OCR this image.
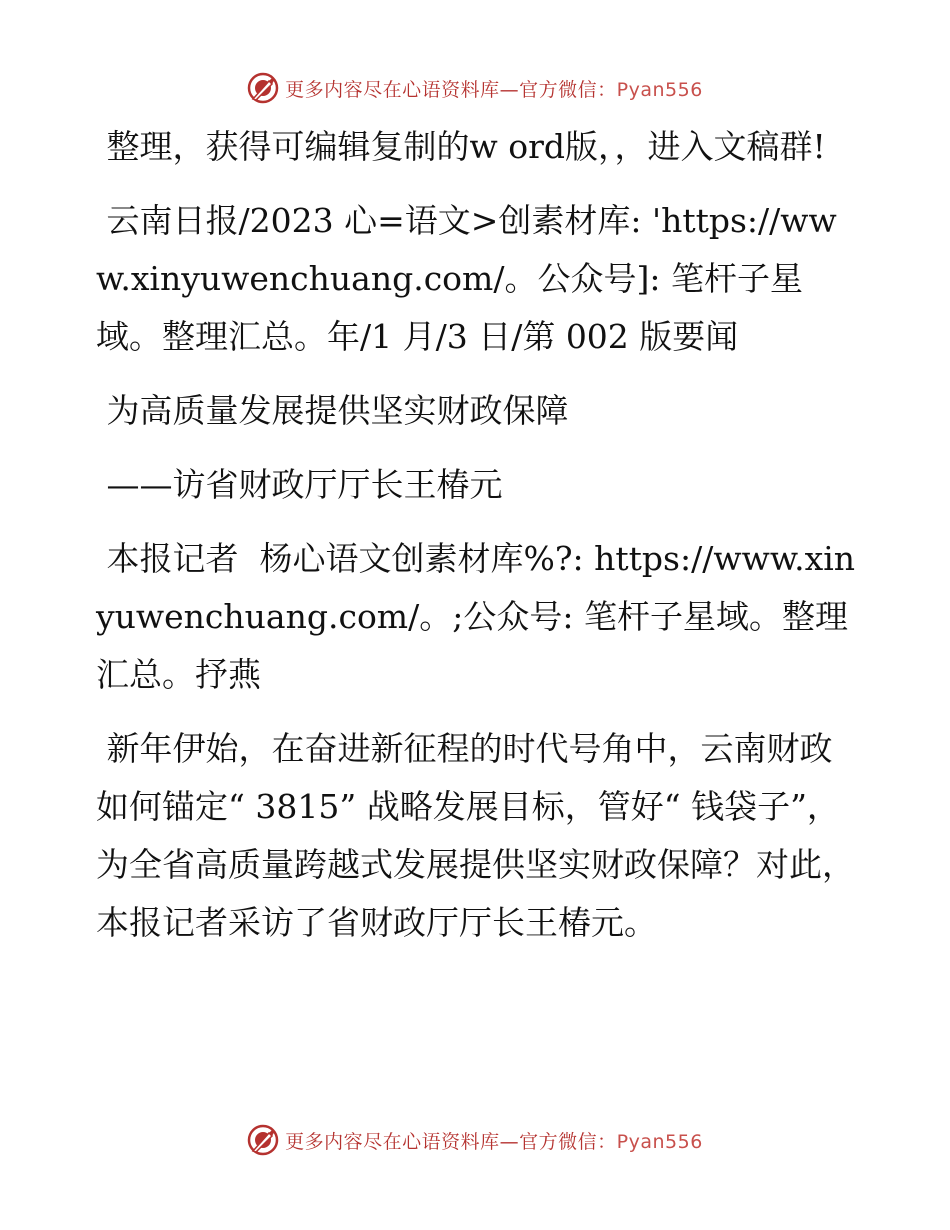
更多内容尽在心语资料库—官方微信：Pyan556

整理，获得可编辑复制的w ord版，，进入文稿群!

云南日报/2023 心=语文>创素材库: 'https://www.xinyuwenchuang.com/。公众号]: 笔杆子星域。整理汇总。年/1 月/3 日/第 002 版要闻

为高质量发展提供坚实财政保障

——访省财政厅厅长王椿元

本报记者  杨心语文创素材库%?: https://www.xinyuwenchuang.com/。;公众号: 笔杆子星域。整理汇总。抒燕

新年伊始，在奋进新征程的时代号角中，云南财政如何锚定“ 3815” 战略发展目标，管好“ 钱袋子”，为全省高质量跨越式发展提供坚实财政保障？对此，本报记者采访了省财政厅厅长王椿元。

更多内容尽在心语资料库—官方微信：Pyan556
